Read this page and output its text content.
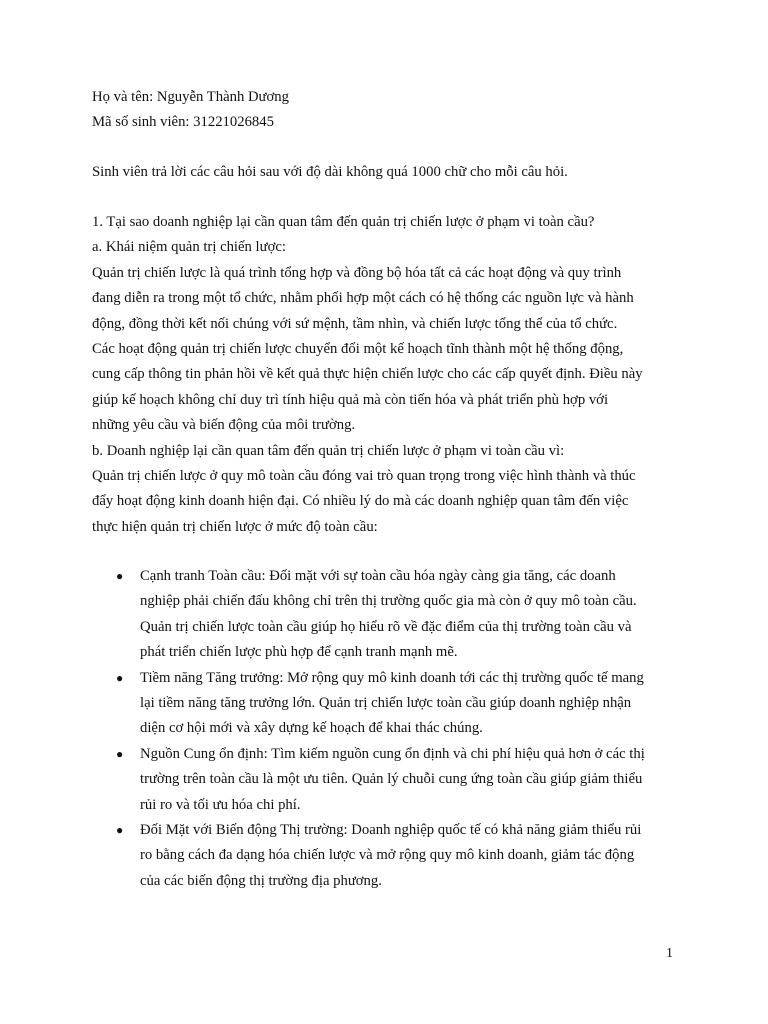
Họ và tên: Nguyễn Thành Dương
Mã số sinh viên: 31221026845
Sinh viên trả lời các câu hỏi sau với độ dài không quá 1000 chữ cho mỗi câu hỏi.
1. Tại sao doanh nghiệp lại cần quan tâm đến quản trị chiến lược ở phạm vi toàn cầu?
a. Khái niệm quản trị chiến lược:
Quản trị chiến lược là quá trình tổng hợp và đồng bộ hóa tất cả các hoạt động và quy trình
đang diễn ra trong một tổ chức, nhằm phối hợp một cách có hệ thống các nguồn lực và hành
động, đồng thời kết nối chúng với sứ mệnh, tầm nhìn, và chiến lược tổng thể của tổ chức.
Các hoạt động quản trị chiến lược chuyển đổi một kế hoạch tĩnh thành một hệ thống động,
cung cấp thông tin phản hồi về kết quả thực hiện chiến lược cho các cấp quyết định. Điều này
giúp kế hoạch không chỉ duy trì tính hiệu quả mà còn tiến hóa và phát triển phù hợp với
những yêu cầu và biến động của môi trường.
b. Doanh nghiệp lại cần quan tâm đến quản trị chiến lược ở phạm vi toàn cầu vì:
Quản trị chiến lược ở quy mô toàn cầu đóng vai trò quan trọng trong việc hình thành và thúc
đẩy hoạt động kinh doanh hiện đại. Có nhiều lý do mà các doanh nghiệp quan tâm đến việc
thực hiện quản trị chiến lược ở mức độ toàn cầu:
● Cạnh tranh Toàn cầu: Đối mặt với sự toàn cầu hóa ngày càng gia tăng, các doanh
nghiệp phải chiến đấu không chỉ trên thị trường quốc gia mà còn ở quy mô toàn cầu.
Quản trị chiến lược toàn cầu giúp họ hiểu rõ về đặc điểm của thị trường toàn cầu và
phát triển chiến lược phù hợp để cạnh tranh mạnh mẽ.
● Tiềm năng Tăng trưởng: Mở rộng quy mô kinh doanh tới các thị trường quốc tế mang
lại tiềm năng tăng trưởng lớn. Quản trị chiến lược toàn cầu giúp doanh nghiệp nhận
diện cơ hội mới và xây dựng kế hoạch để khai thác chúng.
● Nguồn Cung ổn định: Tìm kiếm nguồn cung ổn định và chi phí hiệu quả hơn ở các thị
trường trên toàn cầu là một ưu tiên. Quản lý chuỗi cung ứng toàn cầu giúp giảm thiểu
rủi ro và tối ưu hóa chi phí.
● Đối Mặt với Biến động Thị trường: Doanh nghiệp quốc tế có khả năng giảm thiểu rủi
ro bằng cách đa dạng hóa chiến lược và mở rộng quy mô kinh doanh, giảm tác động
của các biến động thị trường địa phương.
1
